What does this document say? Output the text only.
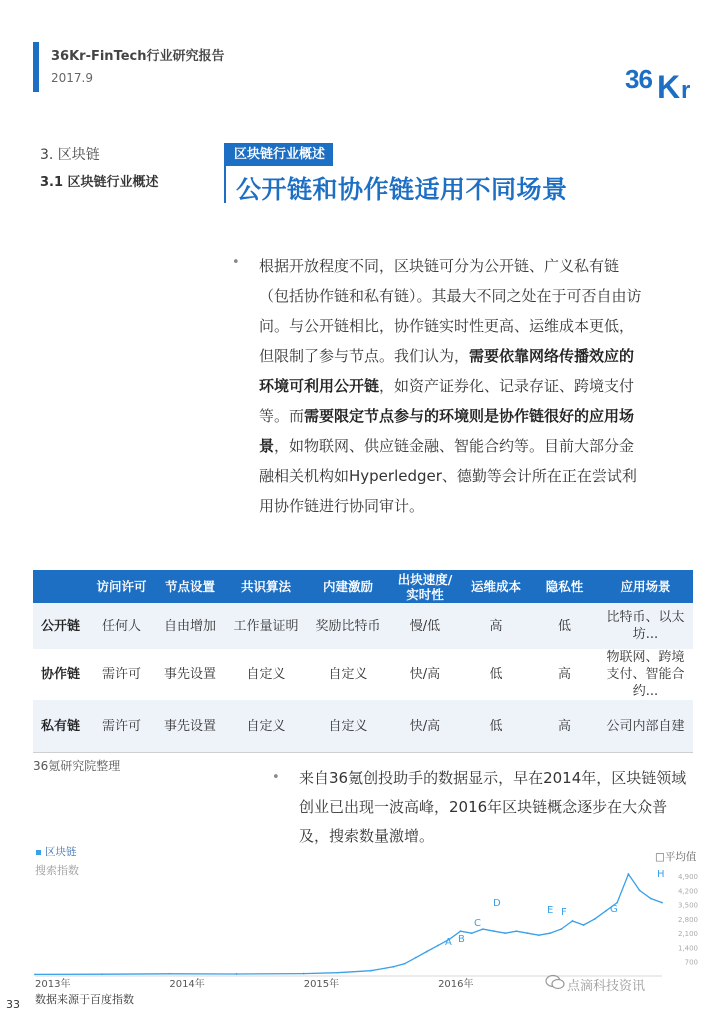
36Kr-FinTech行业研究报告
2017.9	36 K r
3. 区块链
3.1 区块链行业概述
区块链行业概述
公开链和协作链适用不同场景
• 根据开放程度不同，区块链可分为公开链、广义私有链（包括协作链和私有链）。其最大不同之处在于可否自由访问。与公开链相比，协作链实时性更高、运维成本更低，但限制了参与节点。我们认为，需要依靠网络传播效应的环境可利用公开链，如资产证券化、记录存证、跨境支付等。而需要限定节点参与的环境则是协作链很好的应用场景，如物联网、供应链金融、智能合约等。目前大部分金融相关机构如Hyperledger、德勤等会计所在正在尝试利用协作链进行协同审计。
	访问许可	节点设置	共识算法	内建激励	出块速度/
实时性	运维成本	隐私性	应用场景
公开链	任何人	自由增加	工作量证明	奖励比特币	慢/低	高	低	比特币、以太坊...
协作链	需许可	事先设置	自定义	自定义	快/高	低	高	物联网、跨境支付、智能合约...
私有链	需许可	事先设置	自定义	自定义	快/高	低	高	公司内部自建
36氪研究院整理
• 来自36氪创投助手的数据显示，早在2014年，区块链领域创业已出现一波高峰，2016年区块链概念逐步在大众普及，搜索数量激增。
区块链
搜索指数
□平均值
700
1,400
2,100
2,800
3,500
4,200
4,900
2013年	2014年	2015年	2016年
A B
C
D
E F	G
H
数据来源于百度指数
33
点滴科技资讯
